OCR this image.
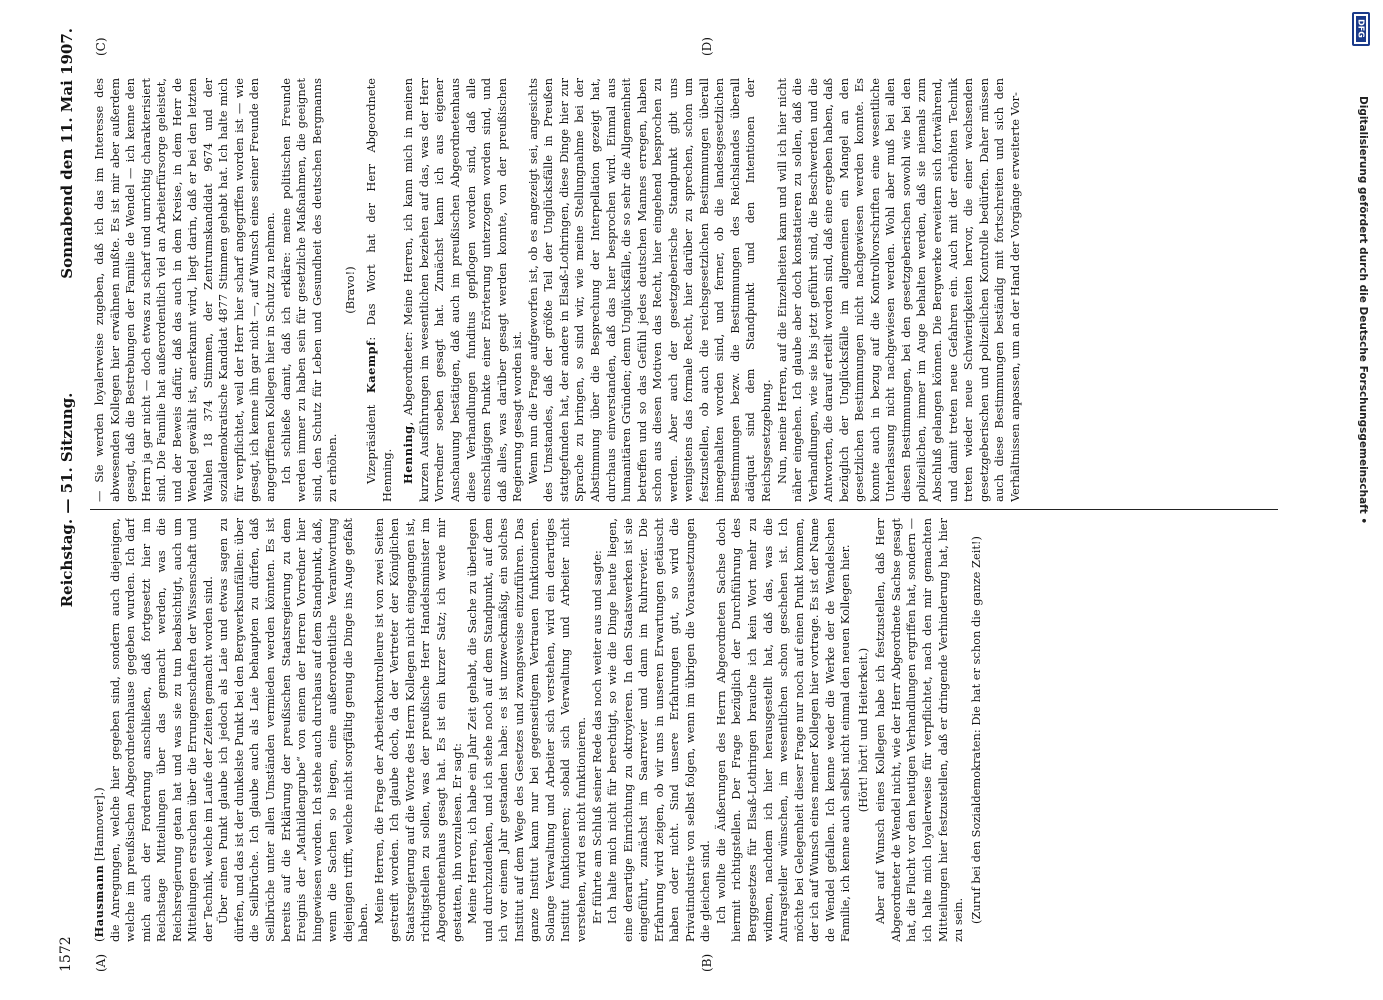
1572
Reichstag. — 51. Sitzung.
Sonnabend den 11. Mai 1907.
(A)	(B)
(C)	(D)

(Hausmann [Hannover].) die Anregungen, welche hier gegeben sind, sondern auch diejenigen, welche im preußischen Abgeordnetenhause gegeben wurden. Ich darf mich auch der Forderung anschließen, daß fortgesetzt hier im Reichstage Mitteilungen über das gemacht werden, was die Reichsregierung getan hat und was sie zu tun beabsichtigt, auch um Mitteilungen ersuchen über die Errungenschaften der Wissenschaft und der Technik, welche im Laufe der Zeiten gemacht worden sind. Über einen Punkt glaube ich jedoch als Laie und etwas sagen zu dürfen, und das ist der dunkelste Punkt bei den Bergwerksunfällen: über die Seilbrüche. Ich glaube auch als Laie behaupten zu dürfen, daß Seilbrüche unter allen Umständen vermieden werden könnten. Es ist bereits auf die Erklärung der preußischen Staatsregierung zu dem Ereignis der „Mathildengrube“ von einem der Herren Vorredner hier hingewiesen worden. Ich stehe auch durchaus auf dem Standpunkt, daß, wenn die Sachen so liegen, eine außerordentliche Verantwortung diejenigen trifft, welche nicht sorgfältig genug die Dinge ins Auge gefaßt haben. Meine Herren, die Frage der Arbeiterkontrolleure ist von zwei Seiten gestreift worden. Ich glaube doch, da der Vertreter der Königlichen Staatsregierung auf die Worte des Herrn Kollegen nicht eingegangen ist, richtigstellen zu sollen, was der preußische Herr Handelsminister im Abgeordnetenhaus gesagt hat. Es ist ein kurzer Satz; ich werde mir gestatten, ihn vorzulesen. Er sagt: Meine Herren, ich habe ein Jahr Zeit gehabt, die Sache zu überlegen und durchzudenken, und ich stehe noch auf dem Standpunkt, auf dem ich vor einem Jahr gestanden habe: es ist unzweckmäßig, ein solches Institut auf dem Wege des Gesetzes und zwangsweise einzuführen. Das ganze Institut kann nur bei gegenseitigem Vertrauen funktionieren. Solange Verwaltung und Arbeiter sich verstehen, wird ein derartiges Institut funktionieren; sobald sich Verwaltung und Arbeiter nicht verstehen, wird es nicht funktionieren. Er führte am Schluß seiner Rede das noch weiter aus und sagte: Ich halte mich nicht für berechtigt, so wie die Dinge heute liegen, eine derartige Einrichtung zu oktroyieren. In den Staatswerken ist sie eingeführt, zunächst im Saarrevier und dann im Ruhrrevier. Die Erfahrung wird zeigen, ob wir uns in unseren Erwartungen getäuscht haben oder nicht. Sind unsere Erfahrungen gut, so wird die Privatindustrie von selbst folgen, wenn im übrigen die Voraussetzungen die gleichen sind. Ich wollte die Äußerungen des Herrn Abgeordneten Sachse doch hiermit richtigstellen. Der Frage bezüglich der Durchführung des Berggesetzes für Elsaß-Lothringen brauche ich kein Wort mehr zu widmen, nachdem ich hier herausgestellt hat, daß das, was die Antragsteller wünschen, im wesentlichen schon geschehen ist. Ich möchte bei Gelegenheit dieser Frage nur noch auf einen Punkt kommen, der ich auf Wunsch eines meiner Kollegen hier vortrage. Es ist der Name de Wendel gefallen. Ich kenne weder die Werke der de Wendelschen Familie, ich kenne auch selbst nicht einmal den neuen Kollegen hier. (Hört! hört! und Heiterkeit.) Aber auf Wunsch eines Kollegen habe ich festzustellen, daß Herr Abgeordneter de Wendel nicht, wie der Herr Abgeordnete Sachse gesagt hat, die Flucht vor den heutigen Verhandlungen ergriffen hat, sondern — ich halte mich loyalerweise für verpflichtet, nach den mir gemachten Mitteilungen hier festzustellen, daß er dringende Verhinderung hat, hier zu sein. (Zuruf bei den Sozialdemokraten: Die hat er schon die ganze Zeit!)

— Sie werden loyalerweise zugeben, daß ich das im Interesse des abwesenden Kollegen hier erwähnen mußte. Es ist mir aber außerdem gesagt, daß die Bestrebungen der Familie de Wendel — ich kenne den Herrn ja gar nicht — doch etwas zu scharf und unrichtig charakterisiert sind. Die Familie hat außerordentlich viel an Arbeiterfürsorge geleistet, und der Beweis dafür, daß das auch in dem Kreise, in dem Herr de Wendel gewählt ist, anerkannt wird, liegt darin, daß er bei den letzten Wahlen 18 374 Stimmen, der Zentrumskandidat 9674 und der sozialdemokratische Kandidat 4877 Stimmen gehabt hat. Ich halte mich für verpflichtet, weil der Herr hier scharf angegriffen worden ist — wie gesagt, ich kenne ihn gar nicht —, auf Wunsch eines seiner Freunde den angegriffenen Kollegen hier in Schutz zu nehmen. Ich schließe damit, daß ich erkläre: meine politischen Freunde werden immer zu haben sein für gesetzliche Maßnahmen, die geeignet sind, den Schutz für Leben und Gesundheit des deutschen Bergmanns zu erhöhen.

(Bravo!)

Vizepräsident Kaempf: Das Wort hat der Herr Abgeordnete Henning. Henning, Abgeordneter: Meine Herren, ich kann mich in meinen kurzen Ausführungen im wesentlichen beziehen auf das, was der Herr Vorredner soeben gesagt hat. Zunächst kann ich aus eigener Anschauung bestätigen, daß auch im preußischen Abgeordnetenhaus diese Verhandlungen funditus gepflogen worden sind, daß alle einschlägigen Punkte einer Erörterung unterzogen worden sind, und daß alles, was darüber gesagt werden konnte, von der preußischen Regierung gesagt worden ist. Wenn nun die Frage aufgeworfen ist, ob es angezeigt sei, angesichts des Umstandes, daß der größte Teil der Unglücksfälle in Preußen stattgefunden hat, der andere in Elsaß-Lothringen, diese Dinge hier zur Sprache zu bringen, so sind wir, wie meine Stellungnahme bei der Abstimmung über die Besprechung der Interpellation gezeigt hat, durchaus einverstanden, daß das hier besprochen wird. Einmal aus humanitären Gründen; denn Unglücksfälle, die so sehr die Allgemeinheit betreffen und so das Gefühl jedes deutschen Mannes erregen, haben schon aus diesen Motiven das Recht, hier eingehend besprochen zu werden. Aber auch der gesetzgeberische Standpunkt gibt uns wenigstens das formale Recht, hier darüber zu sprechen, schon um festzustellen, ob auch die reichsgesetzlichen Bestimmungen überall innegehalten worden sind, und ferner, ob die landesgesetzlichen Bestimmungen bezw. die Bestimmungen des Reichslandes überall adäquat sind dem Standpunkt und den Intentionen der Reichsgesetzgebung. Nun, meine Herren, auf die Einzelheiten kann und will ich hier nicht näher eingehen. Ich glaube aber doch konstatieren zu sollen, daß die Verhandlungen, wie sie bis jetzt geführt sind, die Beschwerden und die Antworten, die darauf erteilt worden sind, daß eine ergeben haben, daß bezüglich der Unglücksfälle im allgemeinen ein Mangel an den gesetzlichen Bestimmungen nicht nachgewiesen werden konnte. Es konnte auch in bezug auf die Kontrollvorschriften eine wesentliche Unterlassung nicht nachgewiesen werden. Wohl aber muß bei allen diesen Bestimmungen, bei den gesetzgeberischen sowohl wie bei den polizeilichen, immer im Auge behalten werden, daß sie niemals zum Abschluß gelangen können. Die Bergwerke erweitern sich fortwährend, und damit treten neue Gefahren ein. Auch mit der erhöhten Technik treten wieder neue Schwierigkeiten hervor, die einer wachsenden gesetzgeberischen und polizeilichen Kontrolle bedürfen. Daher müssen auch diese Bestimmungen beständig mit fortschreiten und sich den Verhältnissen anpassen, um an der Hand der Vorgänge erweiterte Vor-

DFG
Digitalisierung gefördert durch die Deutsche Forschungsgemeinschaft •
